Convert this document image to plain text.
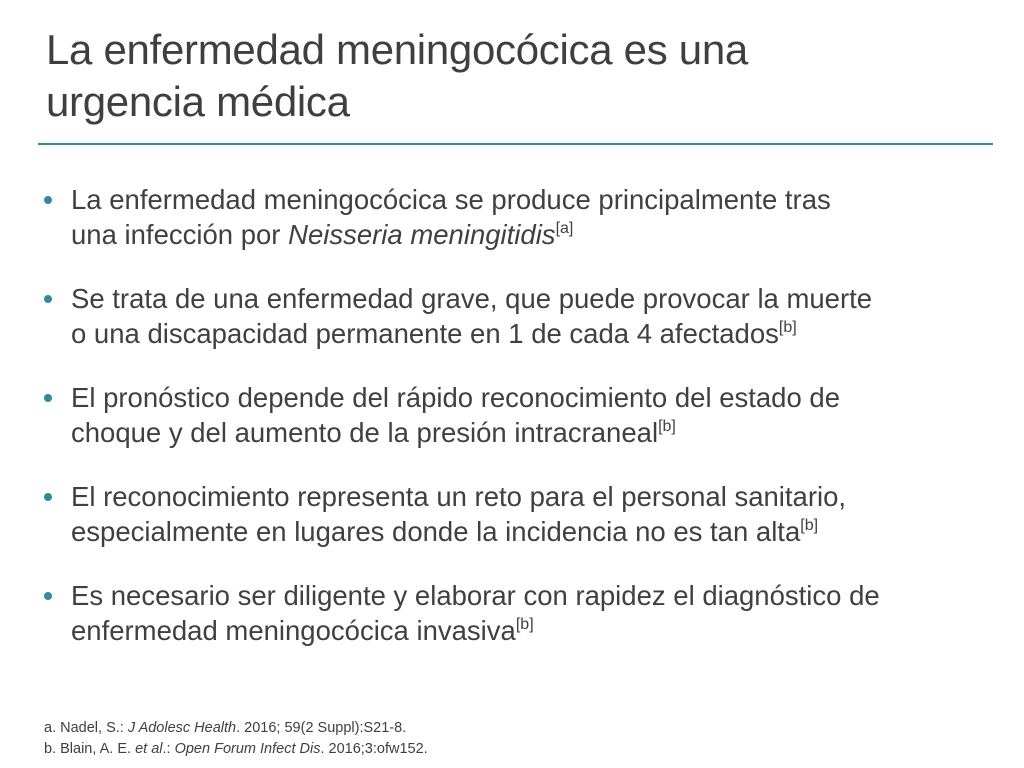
La enfermedad meningocócica es una
urgencia médica
La enfermedad meningocócica se produce principalmente tras
una infección por Neisseria meningitidis[a]
Se trata de una enfermedad grave, que puede provocar la muerte
o una discapacidad permanente en 1 de cada 4 afectados[b]
El pronóstico depende del rápido reconocimiento del estado de
choque y del aumento de la presión intracraneal[b]
El reconocimiento representa un reto para el personal sanitario,
especialmente en lugares donde la incidencia no es tan alta[b]
Es necesario ser diligente y elaborar con rapidez el diagnóstico de
enfermedad meningocócica invasiva[b]
a. Nadel, S.: J Adolesc Health. 2016; 59(2 Suppl):S21-8.
b. Blain, A. E. et al.: Open Forum Infect Dis. 2016;3:ofw152.
